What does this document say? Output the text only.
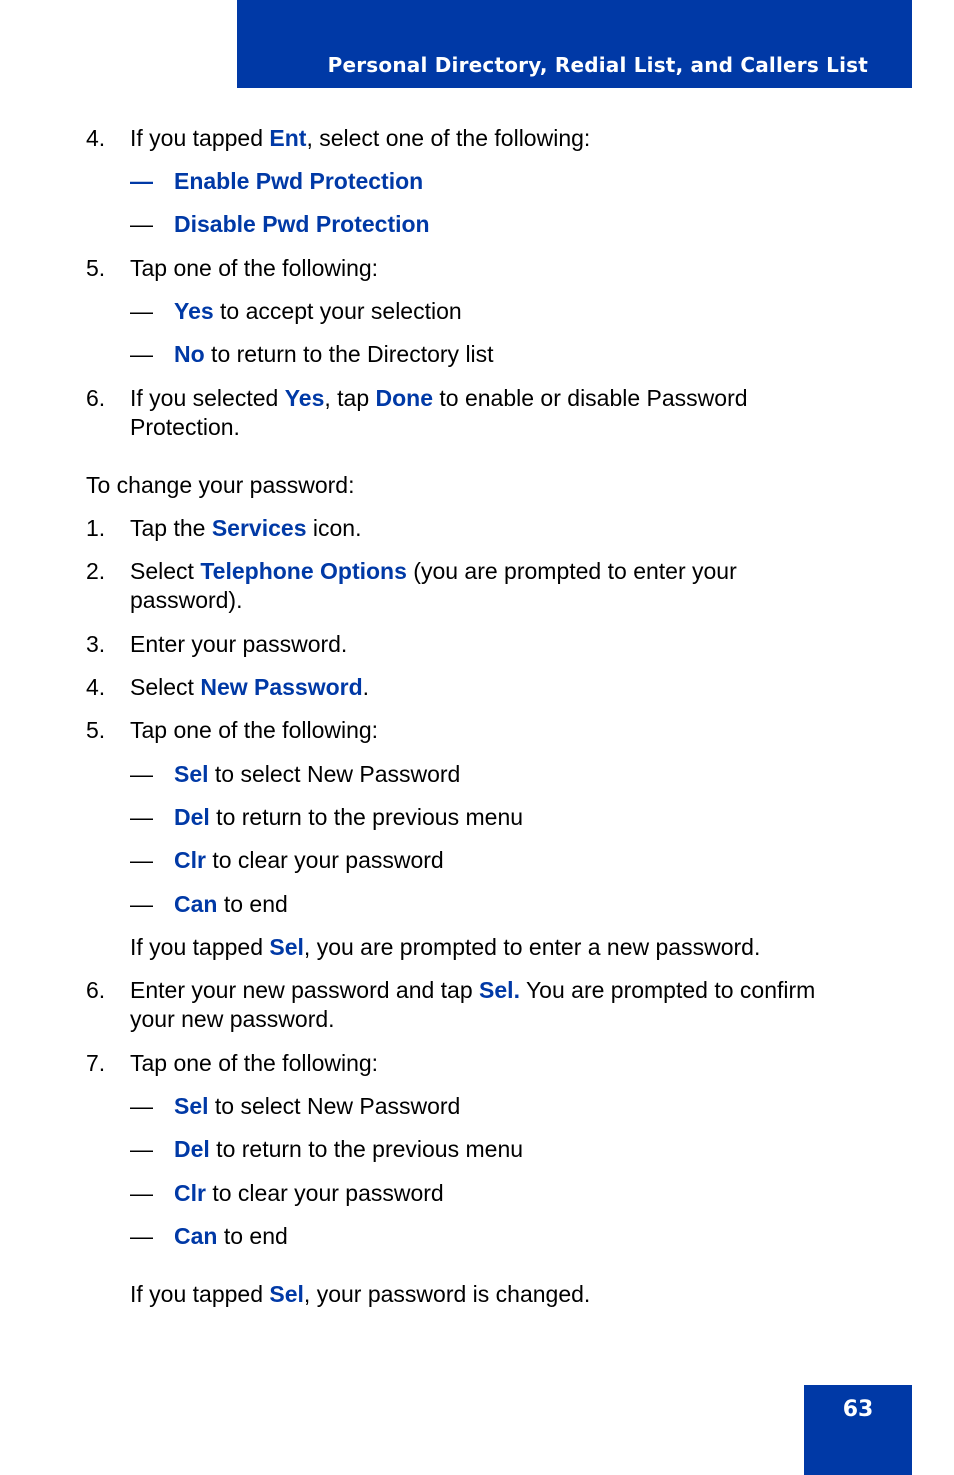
Personal Directory, Redial List, and Callers List
4. If you tapped Ent, select one of the following:
— Enable Pwd Protection
— Disable Pwd Protection
5. Tap one of the following:
— Yes to accept your selection
— No to return to the Directory list
6. If you selected Yes, tap Done to enable or disable Password
Protection.
To change your password:
1. Tap the Services icon.
2. Select Telephone Options (you are prompted to enter your
password).
3. Enter your password.
4. Select New Password.
5. Tap one of the following:
— Sel to select New Password
— Del to return to the previous menu
— Clr to clear your password
— Can to end
If you tapped Sel, you are prompted to enter a new password.
6. Enter your new password and tap Sel. You are prompted to confirm
your new password.
7. Tap one of the following:
— Sel to select New Password
— Del to return to the previous menu
— Clr to clear your password
— Can to end
If you tapped Sel, your password is changed.
63
